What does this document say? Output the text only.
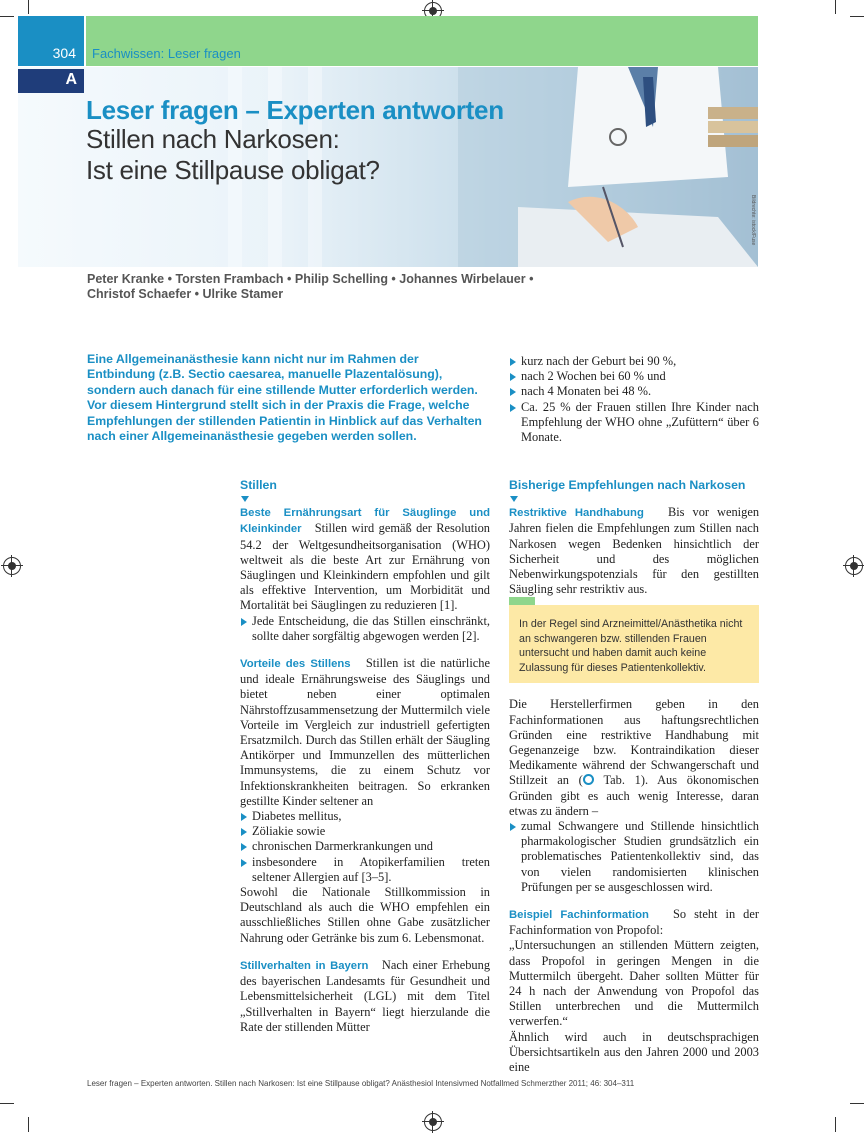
304	Fachwissen: Leser fragen
A
Leser fragen – Experten antworten
Stillen nach Narkosen:
Ist eine Stillpause obligat?
Bildrechte: istock/Fuse
Peter Kranke • Torsten Frambach • Philip Schelling • Johannes Wirbelauer •
Christof Schaefer • Ulrike Stamer
Eine Allgemeinanästhesie kann nicht nur im Rahmen der Entbindung (z.B. Sectio caesarea, manuelle Plazentalösung), sondern auch danach für eine stillende Mutter erforderlich werden. Vor diesem Hintergrund stellt sich in der Praxis die Frage, welche Empfehlungen der stillenden Patientin in Hinblick auf das Verhalten nach einer Allgemeinanästhesie gegeben werden sollen.

kurz nach der Geburt bei 90 %,

nach 2 Wochen bei 60 % und

nach 4 Monaten bei 48 %.

Ca. 25 % der Frauen stillen Ihre Kinder nach Empfehlung der WHO ohne „Zufüttern“ über 6 Monate.

Stillen

Beste Ernährungsart für Säuglinge und Kleinkinder Stillen wird gemäß der Resolution 54.2 der Weltgesundheitsorganisation (WHO) weltweit als die beste Art zur Ernährung von Säuglingen und Kleinkindern empfohlen und gilt als effektive Intervention, um Morbidität und Mortalität bei Säuglingen zu reduzieren [1].

Jede Entscheidung, die das Stillen einschränkt, sollte daher sorgfältig abgewogen werden [2].

Vorteile des Stillens Stillen ist die natürliche und ideale Ernährungsweise des Säuglings und bietet neben einer optimalen Nährstoffzusammensetzung der Muttermilch viele Vorteile im Vergleich zur industriell gefertigten Ersatzmilch. Durch das Stillen erhält der Säugling Antikörper und Immunzellen des mütterlichen Immunsystems, die zu einem Schutz vor Infektionskrankheiten beitragen. So erkranken gestillte Kinder seltener an

Diabetes mellitus,

Zöliakie sowie

chronischen Darmerkrankungen und

insbesondere in Atopikerfamilien treten seltener Allergien auf [3–5].

Sowohl die Nationale Stillkommission in Deutschland als auch die WHO empfehlen ein ausschließliches Stillen ohne Gabe zusätzlicher Nahrung oder Getränke bis zum 6. Lebensmonat.

Stillverhalten in Bayern Nach einer Erhebung des bayerischen Landesamts für Gesundheit und Lebensmittelsicherheit (LGL) mit dem Titel „Stillverhalten in Bayern“ liegt hierzulande die Rate der stillenden Mütter

Bisherige Empfehlungen nach Narkosen

Restriktive Handhabung Bis vor wenigen Jahren fielen die Empfehlungen zum Stillen nach Narkosen wegen Bedenken hinsichtlich der Sicherheit und des möglichen Nebenwirkungspotenzials für den gestillten Säugling sehr restriktiv aus.

In der Regel sind Arzneimittel/Anästhetika nicht an schwangeren bzw. stillenden Frauen untersucht und haben damit auch keine Zulassung für dieses Patientenkollektiv.

Die Herstellerfirmen geben in den Fachinformationen aus haftungsrechtlichen Gründen eine restriktive Handhabung mit Gegenanzeige bzw. Kontraindikation dieser Medikamente während der Schwangerschaft und Stillzeit an ( Tab. 1). Aus ökonomischen Gründen gibt es auch wenig Interesse, daran etwas zu ändern –

zumal Schwangere und Stillende hinsichtlich pharmakologischer Studien grundsätzlich ein problematisches Patientenkollektiv sind, das von vielen randomisierten klinischen Prüfungen per se ausgeschlossen wird.

Beispiel Fachinformation So steht in der Fachinformation von Propofol:

„Untersuchungen an stillenden Müttern zeigten, dass Propofol in geringen Mengen in die Muttermilch übergeht. Daher sollten Mütter für 24 h nach der Anwendung von Propofol das Stillen unterbrechen und die Muttermilch verwerfen.“

Ähnlich wird auch in deutschsprachigen Übersichtsartikeln aus den Jahren 2000 und 2003 eine

Leser fragen – Experten antworten. Stillen nach Narkosen: Ist eine Stillpause obligat? Anästhesiol Intensivmed Notfallmed Schmerzther 2011; 46: 304–311
